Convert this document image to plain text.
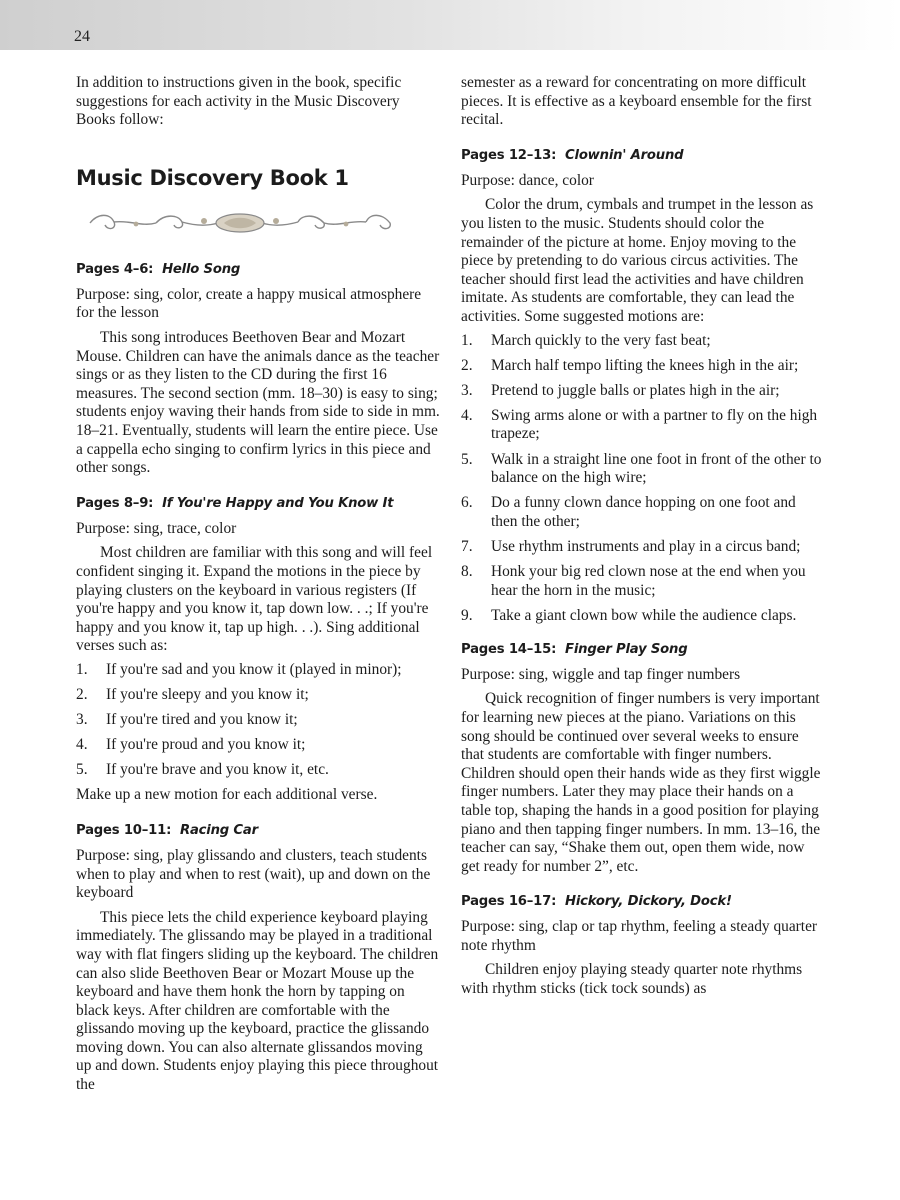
24

In addition to instructions given in the book, specific suggestions for each activity in the Music Discovery Books follow:

Music Discovery Book 1
Pages 4–6: Hello Song

Purpose: sing, color, create a happy musical atmosphere for the lesson

This song introduces Beethoven Bear and Mozart Mouse. Children can have the animals dance as the teacher sings or as they listen to the CD during the first 16 measures. The second section (mm. 18–30) is easy to sing; students enjoy waving their hands from side to side in mm. 18–21. Eventually, students will learn the entire piece. Use a cappella echo singing to confirm lyrics in this piece and other songs.

Pages 8–9: If You're Happy and You Know It

Purpose: sing, trace, color

Most children are familiar with this song and will feel confident singing it. Expand the motions in the piece by playing clusters on the keyboard in various registers (If you're happy and you know it, tap down low. . .; If you're happy and you know it, tap up high. . .). Sing additional verses such as:

1. If you're sad and you know it (played in minor);
2. If you're sleepy and you know it;
3. If you're tired and you know it;
4. If you're proud and you know it;
5. If you're brave and you know it, etc.

Make up a new motion for each additional verse.

Pages 10–11: Racing Car

Purpose: sing, play glissando and clusters, teach students when to play and when to rest (wait), up and down on the keyboard

This piece lets the child experience keyboard playing immediately. The glissando may be played in a traditional way with flat fingers sliding up the keyboard. The children can also slide Beethoven Bear or Mozart Mouse up the keyboard and have them honk the horn by tapping on black keys. After children are comfortable with the glissando moving up the keyboard, practice the glissando moving down. You can also alternate glissandos moving up and down. Students enjoy playing this piece throughout the

semester as a reward for concentrating on more difficult pieces. It is effective as a keyboard ensemble for the first recital.

Pages 12–13: Clownin' Around

Purpose: dance, color

Color the drum, cymbals and trumpet in the lesson as you listen to the music. Students should color the remainder of the picture at home. Enjoy moving to the piece by pretending to do various circus activities. The teacher should first lead the activities and have children imitate. As students are comfortable, they can lead the activities. Some suggested motions are:

1. March quickly to the very fast beat;
2. March half tempo lifting the knees high in the air;
3. Pretend to juggle balls or plates high in the air;
4. Swing arms alone or with a partner to fly on the high trapeze;
5. Walk in a straight line one foot in front of the other to balance on the high wire;
6. Do a funny clown dance hopping on one foot and then the other;
7. Use rhythm instruments and play in a circus band;
8. Honk your big red clown nose at the end when you hear the horn in the music;
9. Take a giant clown bow while the audience claps.
Pages 14–15: Finger Play Song

Purpose: sing, wiggle and tap finger numbers

Quick recognition of finger numbers is very important for learning new pieces at the piano. Variations on this song should be continued over several weeks to ensure that students are comfortable with finger numbers. Children should open their hands wide as they first wiggle finger numbers. Later they may place their hands on a table top, shaping the hands in a good position for playing piano and then tapping finger numbers. In mm. 13–16, the teacher can say, “Shake them out, open them wide, now get ready for number 2”, etc.

Pages 16–17: Hickory, Dickory, Dock!

Purpose: sing, clap or tap rhythm, feeling a steady quarter note rhythm

Children enjoy playing steady quarter note rhythms with rhythm sticks (tick tock sounds) as
